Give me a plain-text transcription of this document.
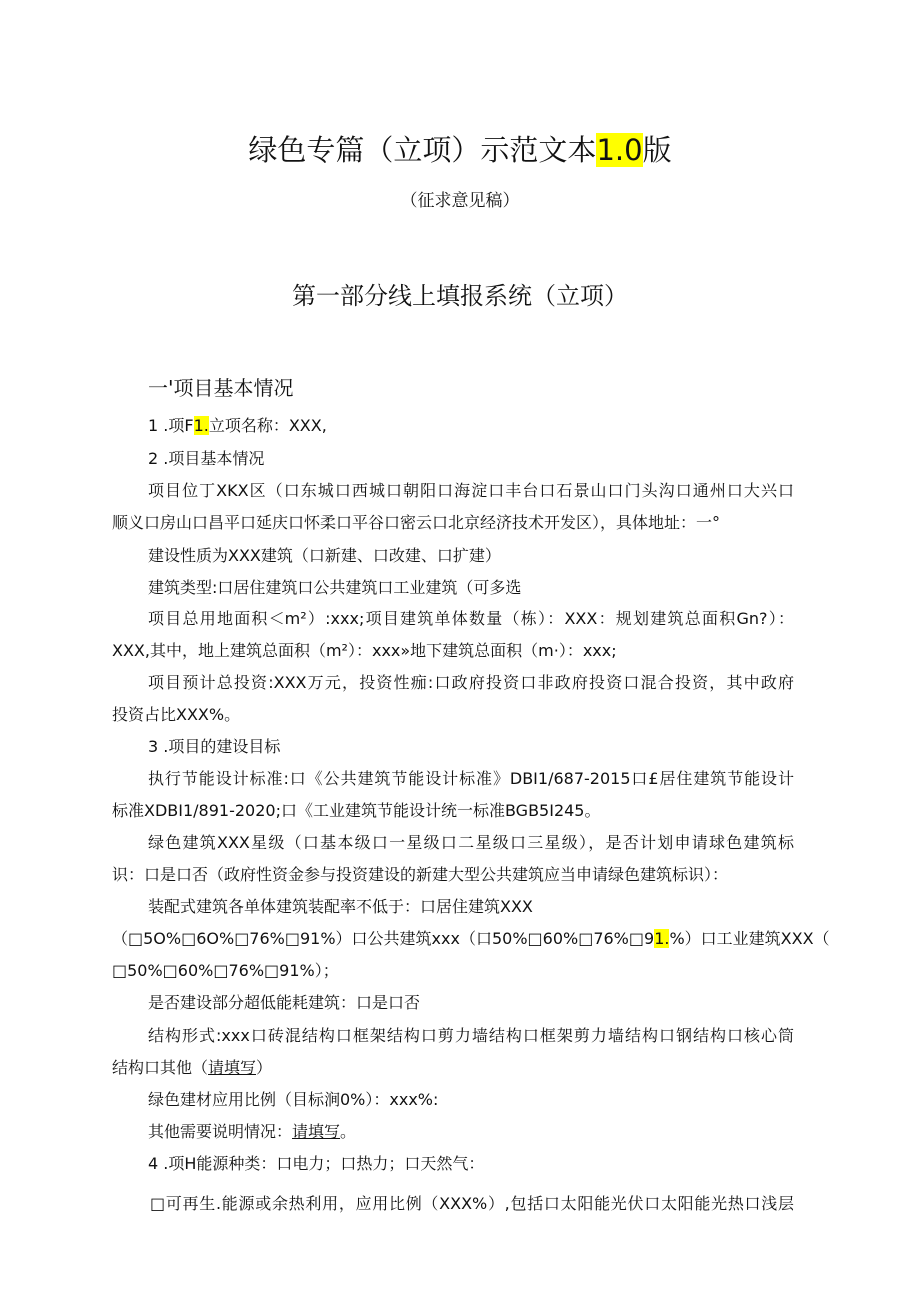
绿色专篇（立项）示范文本1.0版
（征求意见稿）
第一部分线上填报系统（立项）
一'项目基本情况
1 .项F1.立项名称：XXX,
2 .项目基本情况
项目位丁XKX区（口东城口西城口朝阳口海淀口丰台口石景山口门头沟口通州口大兴口
顺义口房山口昌平口延庆口怀柔口平谷口密云口北京经济技术开发区），具体地址：一°
建设性质为XXX建筑（口新建、口改建、口扩建）
建筑类型:口居住建筑口公共建筑口工业建筑（可多选
项目总用地面积＜m²）:xxx;项目建筑单体数量（栋）：XXX：规划建筑总面积Gn?）：
XXX,其中，地上建筑总面积（m²）：xxx»地下建筑总面积（m·）：xxx;
项目预计总投资:XXX万元，投资性痂:口政府投资口非政府投资口混合投资，其中政府
投资占比XXX%。
3 .项目的建设目标
执行节能设计标准:口《公共建筑节能设计标准》DBI1/687-2015口£居住建筑节能设计
标准XDBI1/891-2020;口《工业建筑节能设计统一标准BGB5I245。
绿色建筑XXX星级（口基本级口一星级口二星级口三星级），是否计划申请球色建筑标
识：口是口否（政府性资金参与投资建设的新建大型公共建筑应当申请绿色建筑标识）：
装配式建筑各单体建筑装配率不低于：口居住建筑XXX
（□5O%□6O%□76%□91%）口公共建筑xxx（口50%□60%□76%□91.%）口工业建筑XXX（
□50%□60%□76%□91%）；
是否建设部分超低能耗建筑：口是口否
结构形式:xxx口砖混结构口框架结构口剪力墙结构口框架剪力墙结构口钢结构口核心筒
结构口其他（请填写）
绿色建材应用比例（目标涧0%）：xxx%:
其他需要说明情况：请填写。
4 .项H能源种类：口电力；口热力；口天然气：
□可再生.能源或余热利用，应用比例（XXX%）,包括口太阳能光伏口太阳能光热口浅层
